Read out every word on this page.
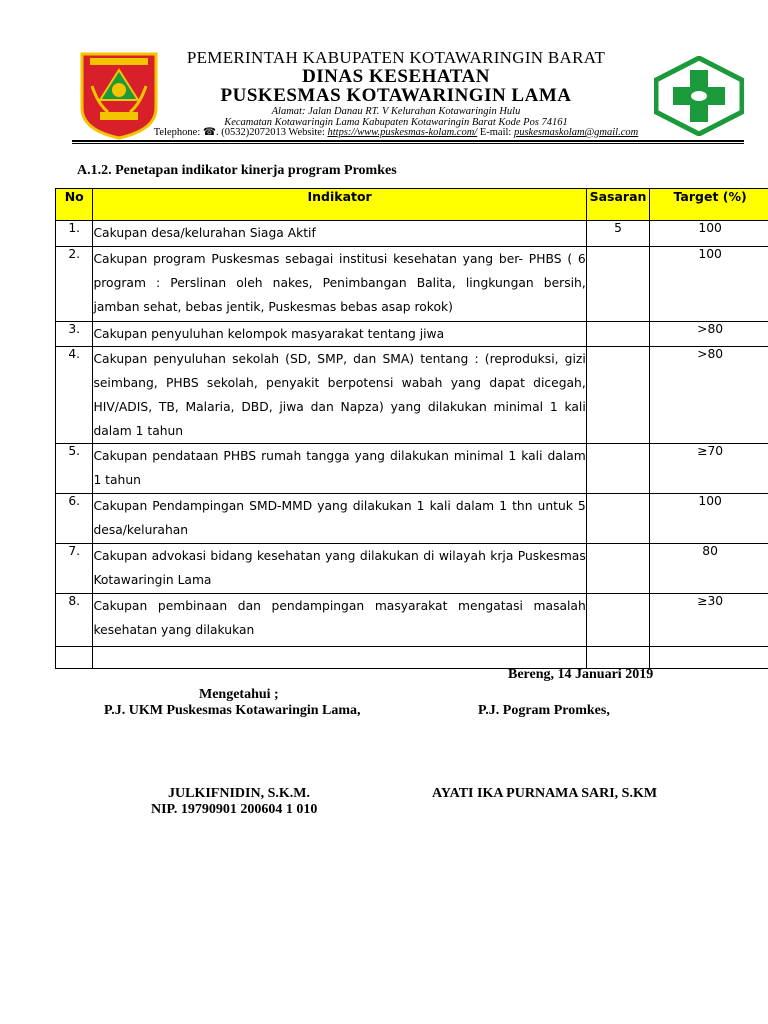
PEMERINTAH KABUPATEN KOTAWARINGIN BARAT
DINAS KESEHATAN
PUSKESMAS KOTAWARINGIN LAMA
Alamat: Jalan Danau RT. V Kelurahan Kotawaringin Hulu
Kecamatan Kotawaringin Lama Kabupaten Kotawaringin Barat Kode Pos 74161
Telephone: ☎. (0532)2072013 Website: https://www.puskesmas-kolam.com/ E-mail: puskesmaskolam@gmail.com
A.1.2. Penetapan indikator kinerja program Promkes
No	Indikator	Sasaran	Target (%)
1.	Cakupan desa/kelurahan Siaga Aktif	5	100
2.	Cakupan program Puskesmas sebagai institusi kesehatan yang ber- PHBS ( 6 program : Perslinan oleh nakes, Penimbangan Balita, lingkungan bersih, jamban sehat, bebas jentik, Puskesmas bebas asap rokok)		100
3.	Cakupan penyuluhan kelompok masyarakat tentang jiwa		>80
4.	Cakupan penyuluhan sekolah (SD, SMP, dan SMA) tentang : (reproduksi, gizi seimbang, PHBS sekolah, penyakit berpotensi wabah yang dapat dicegah, HIV/ADIS, TB, Malaria, DBD, jiwa dan Napza) yang dilakukan minimal 1 kali dalam 1 tahun		>80
5.	Cakupan pendataan PHBS rumah tangga yang dilakukan minimal 1 kali dalam 1 tahun		≥70
6.	Cakupan Pendampingan SMD-MMD yang dilakukan 1 kali dalam 1 thn untuk 5 desa/kelurahan		100
7.	Cakupan advokasi bidang kesehatan yang dilakukan di wilayah krja Puskesmas Kotawaringin Lama		80
8.	Cakupan pembinaan dan pendampingan masyarakat mengatasi masalah kesehatan yang dilakukan		≥30

Bereng, 14 Januari 2019
Mengetahui ;
P.J. UKM Puskesmas Kotawaringin Lama,	P.J. Pogram Promkes,
JULKIFNIDIN, S.K.M.
NIP. 19790901 200604 1 010
AYATI IKA PURNAMA SARI, S.KM
